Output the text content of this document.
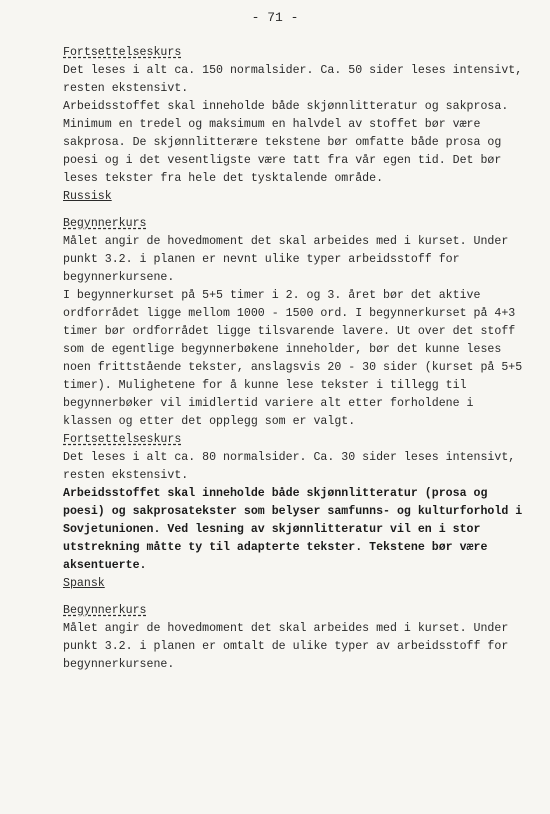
- 71 -

Fortsettelseskurs

Det leses i alt ca. 150 normalsider. Ca. 50 sider leses intensivt, resten ekstensivt.

Arbeidsstoffet skal inneholde både skjønnlitteratur og sakprosa. Minimum en tredel og maksimum en halvdel av stoffet bør være sakprosa. De skjønnlitterære tekstene bør omfatte både prosa og poesi og i det vesentligste være tatt fra vår egen tid. Det bør leses tekster fra hele det tysktalende område.

Russisk

Begynnerkurs

Målet angir de hovedmoment det skal arbeides med i kurset. Under punkt 3.2. i planen er nevnt ulike typer arbeidsstoff for begynnerkursene.

I begynnerkurset på 5+5 timer i 2. og 3. året bør det aktive ordforrådet ligge mellom 1000 - 1500 ord. I begynnerkurset på 4+3 timer bør ordforrådet ligge tilsvarende lavere. Ut over det stoff som de egentlige begynnerbøkene inneholder, bør det kunne leses noen frittstående tekster, anslagsvis 20 - 30 sider (kurset på 5+5 timer). Mulighetene for å kunne lese tekster i tillegg til begynnerbøker vil imidlertid variere alt etter forholdene i klassen og etter det opplegg som er valgt.

Fortsettelseskurs

Det leses i alt ca. 80 normalsider. Ca. 30 sider leses intensivt, resten ekstensivt.

Arbeidsstoffet skal inneholde både skjønnlitteratur (prosa og poesi) og sakprosatekster som belyser samfunns- og kulturforhold i Sovjetunionen. Ved lesning av skjønnlitteratur vil en i stor utstrekning måtte ty til adapterte tekster. Tekstene bør være aksentuerte.

Spansk

Begynnerkurs

Målet angir de hovedmoment det skal arbeides med i kurset. Under punkt 3.2. i planen er omtalt de ulike typer av arbeidsstoff for begynnerkursene.
